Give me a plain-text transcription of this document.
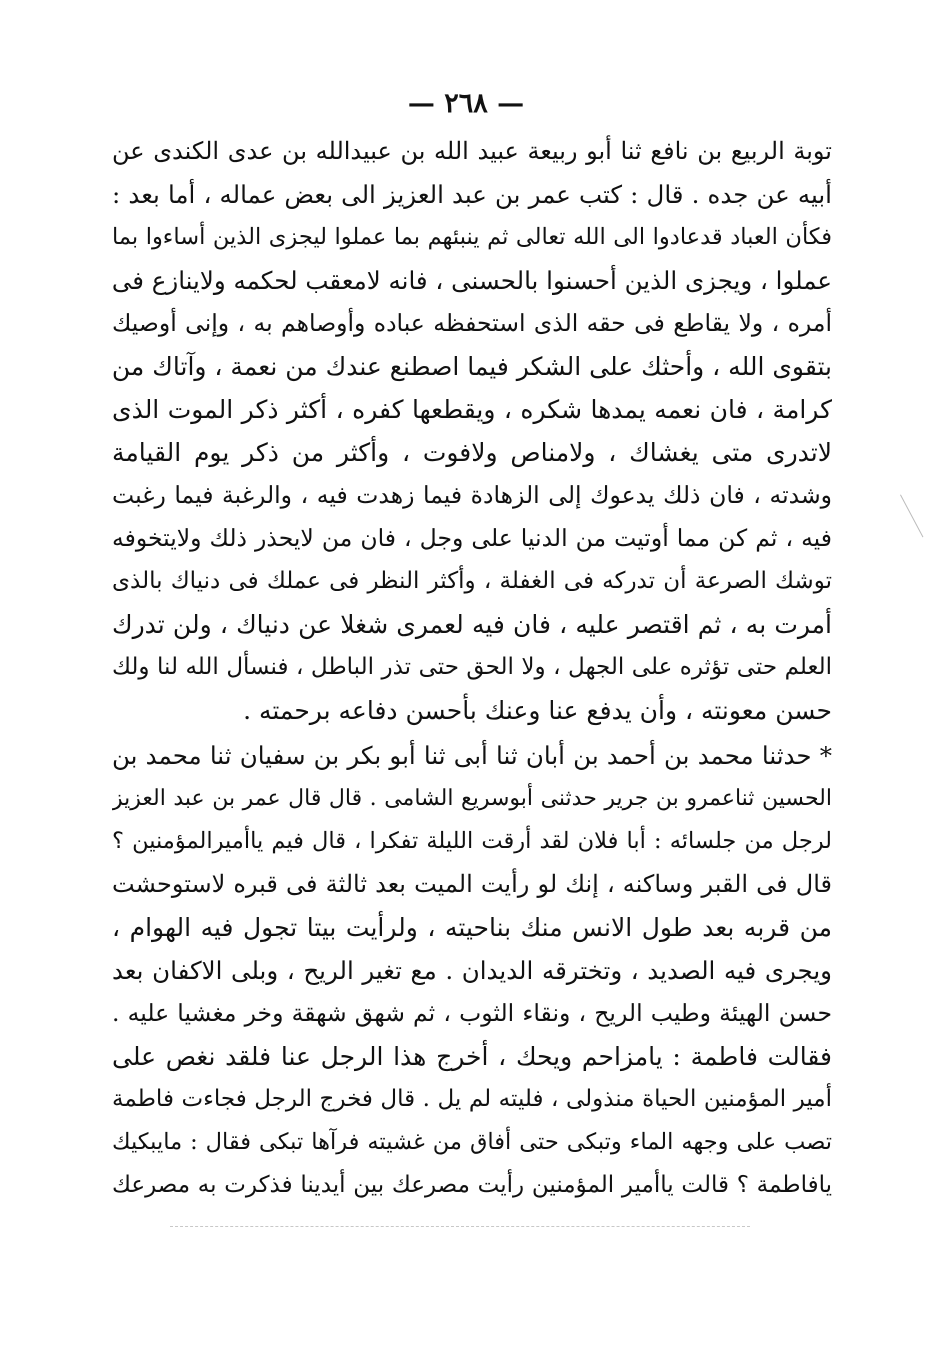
— ٢٦٨ —
توبة الربيع بن نافع ثنا أبو ربيعة عبيد الله بن عبيدالله بن عدى الكندى عن
أبيه عن جده . قال : كتب عمر بن عبد العزيز الى بعض عماله ، أما بعد :
فكأن العباد قدعادوا الى الله تعالى ثم ينبئهم بما عملوا ليجزى الذين أساءوا بما
عملوا ، ويجزى الذين أحسنوا بالحسنى ، فانه لامعقب لحكمه ولاينازع فى
أمره ، ولا يقاطع فى حقه الذى استحفظه عباده وأوصاهم به ، وإنى أوصيك
بتقوى الله ، وأحثك على الشكر فيما اصطنع عندك من نعمة ، وآتاك من
كرامة ، فان نعمه يمدها شكره ، ويقطعها كفره ، أكثر ذكر الموت الذى
لاتدرى متى يغشاك ، ولامناص ولافوت ، وأكثر من ذكر يوم القيامة
وشدته ، فان ذلك يدعوك إلى الزهادة فيما زهدت فيه ، والرغبة فيما رغبت
فيه ، ثم كن مما أوتيت من الدنيا على وجل ، فان من لايحذر ذلك ولايتخوفه
توشك الصرعة أن تدركه فى الغفلة ، وأكثر النظر فى عملك فى دنياك بالذى
أمرت به ، ثم اقتصر عليه ، فان فيه لعمرى شغلا عن دنياك ، ولن تدرك
العلم حتى تؤثره على الجهل ، ولا الحق حتى تذر الباطل ، فنسأل الله لنا ولك
حسن معونته ، وأن يدفع عنا وعنك بأحسن دفاعه برحمته .
* حدثنا محمد بن أحمد بن أبان ثنا أبى ثنا أبو بكر بن سفيان ثنا محمد بن
الحسين ثناعمرو بن جرير حدثنى أبوسريع الشامى . قال قال عمر بن عبد العزيز
لرجل من جلسائه : أبا فلان لقد أرقت الليلة تفكرا ، قال فيم ياأميرالمؤمنين ؟
قال فى القبر وساكنه ، إنك لو رأيت الميت بعد ثالثة فى قبره لاستوحشت
من قربه بعد طول الانس منك بناحيته ، ولرأيت بيتا تجول فيه الهوام ،
ويجرى فيه الصديد ، وتخترقه الديدان . مع تغير الريح ، وبلى الاكفان بعد
حسن الهيئة وطيب الريح ، ونقاء الثوب ، ثم شهق شهقة وخر مغشيا عليه .
فقالت فاطمة : يامزاحم ويحك ، أخرج هذا الرجل عنا فلقد نغص على
أمير المؤمنين الحياة منذولى ، فليته لم يل . قال فخرج الرجل فجاءت فاطمة
تصب على وجهه الماء وتبكى حتى أفاق من غشيته فرآها تبكى فقال : مايبكيك
يافاطمة ؟ قالت ياأمير المؤمنين رأيت مصرعك بين أيدينا فذكرت به مصرعك
